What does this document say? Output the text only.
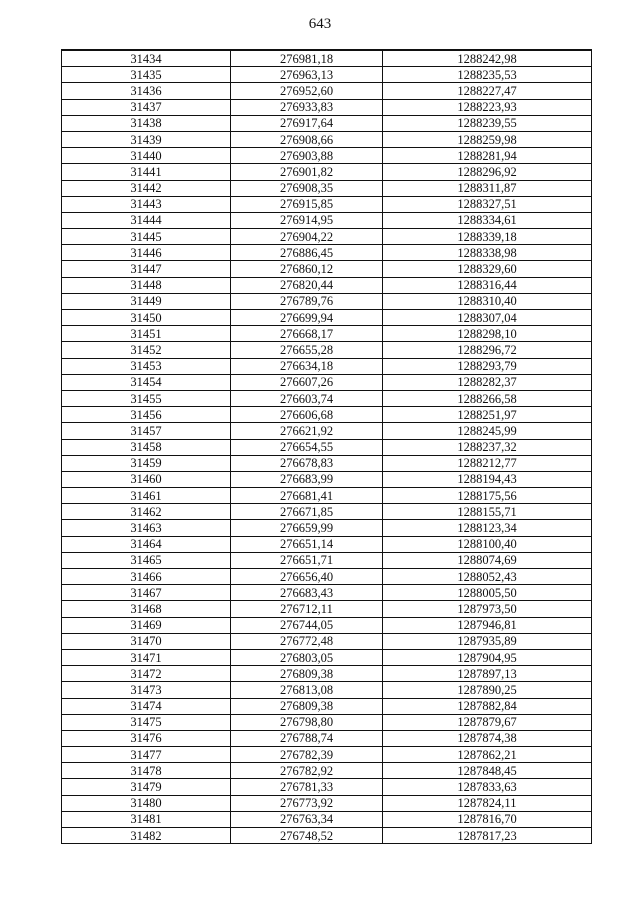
643
31434	276981,18	1288242,98
31435	276963,13	1288235,53
31436	276952,60	1288227,47
31437	276933,83	1288223,93
31438	276917,64	1288239,55
31439	276908,66	1288259,98
31440	276903,88	1288281,94
31441	276901,82	1288296,92
31442	276908,35	1288311,87
31443	276915,85	1288327,51
31444	276914,95	1288334,61
31445	276904,22	1288339,18
31446	276886,45	1288338,98
31447	276860,12	1288329,60
31448	276820,44	1288316,44
31449	276789,76	1288310,40
31450	276699,94	1288307,04
31451	276668,17	1288298,10
31452	276655,28	1288296,72
31453	276634,18	1288293,79
31454	276607,26	1288282,37
31455	276603,74	1288266,58
31456	276606,68	1288251,97
31457	276621,92	1288245,99
31458	276654,55	1288237,32
31459	276678,83	1288212,77
31460	276683,99	1288194,43
31461	276681,41	1288175,56
31462	276671,85	1288155,71
31463	276659,99	1288123,34
31464	276651,14	1288100,40
31465	276651,71	1288074,69
31466	276656,40	1288052,43
31467	276683,43	1288005,50
31468	276712,11	1287973,50
31469	276744,05	1287946,81
31470	276772,48	1287935,89
31471	276803,05	1287904,95
31472	276809,38	1287897,13
31473	276813,08	1287890,25
31474	276809,38	1287882,84
31475	276798,80	1287879,67
31476	276788,74	1287874,38
31477	276782,39	1287862,21
31478	276782,92	1287848,45
31479	276781,33	1287833,63
31480	276773,92	1287824,11
31481	276763,34	1287816,70
31482	276748,52	1287817,23
